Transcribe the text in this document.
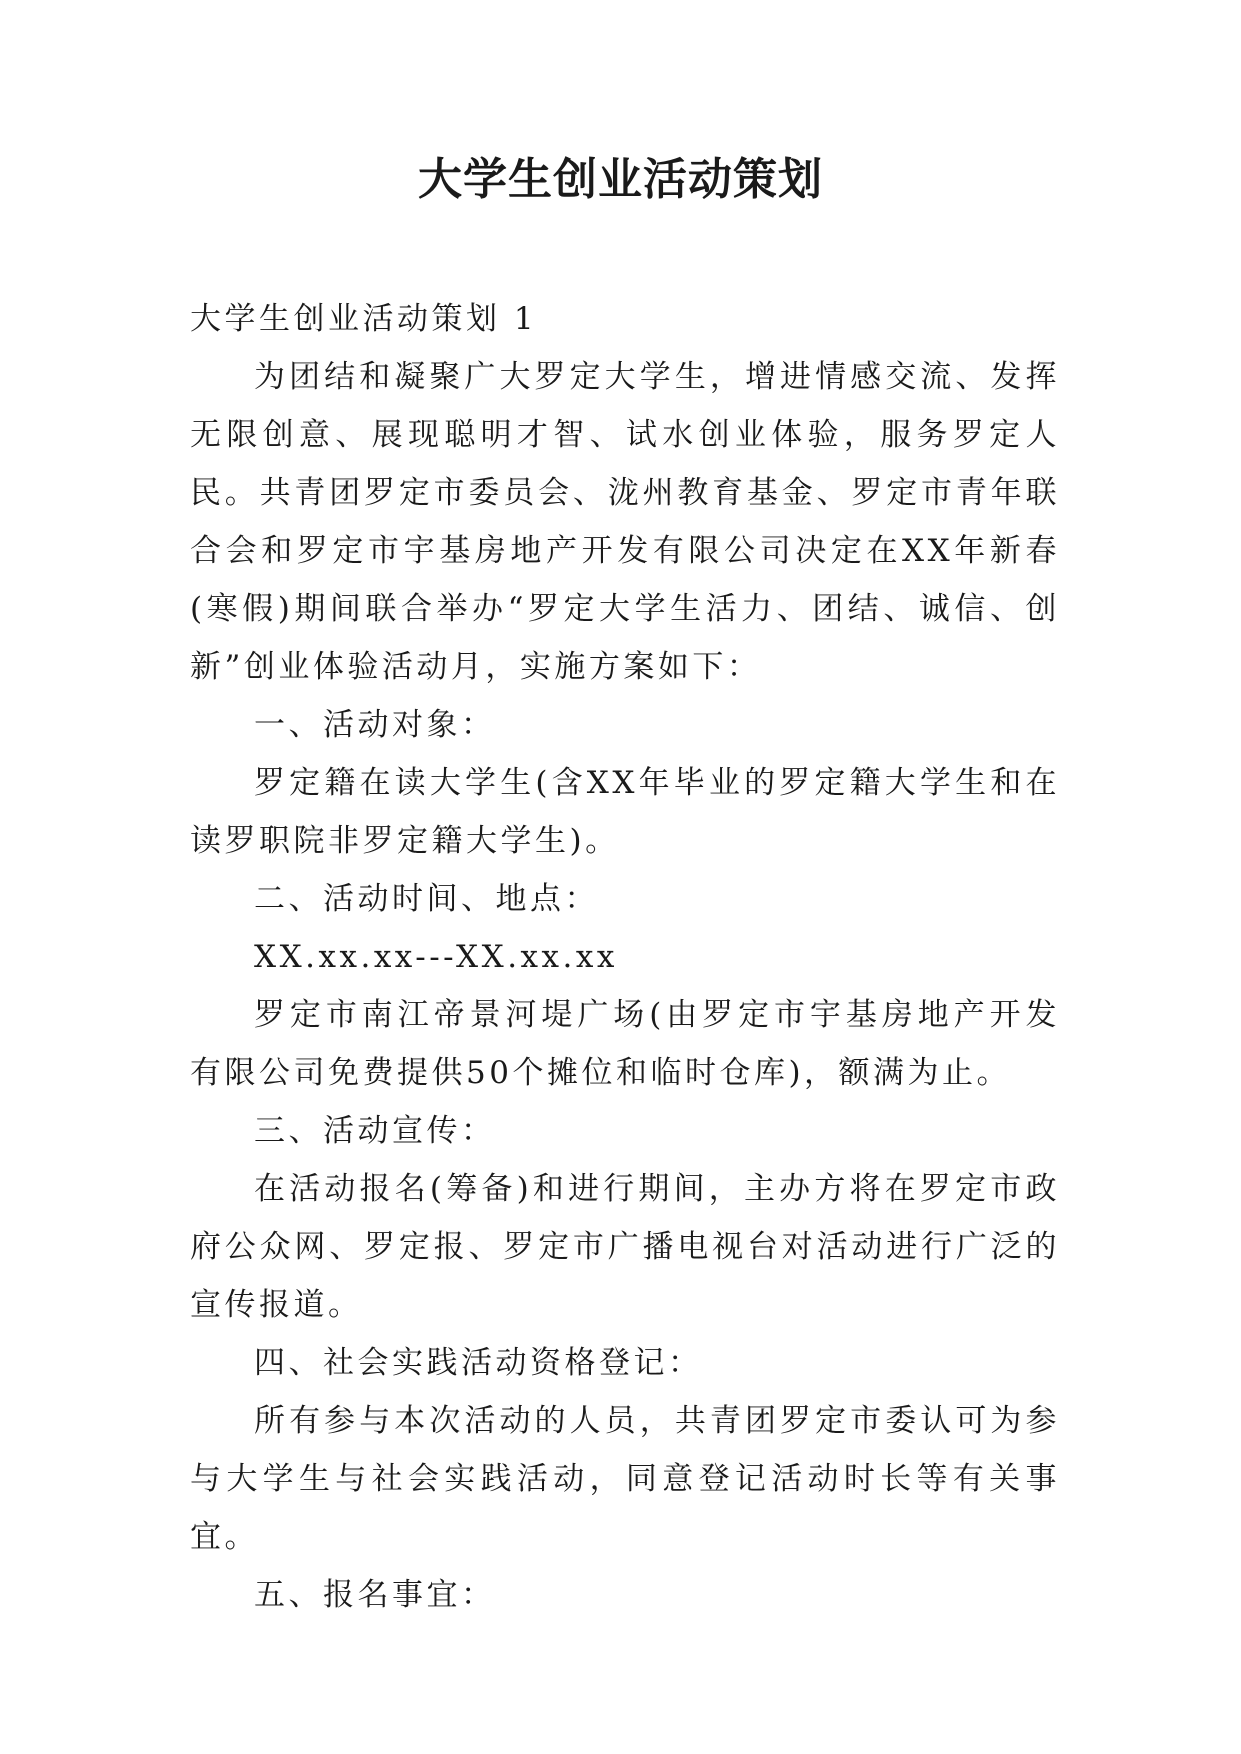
大学生创业活动策划

大学生创业活动策划 1

为团结和凝聚广大罗定大学生，增进情感交流、发挥无限创意、展现聪明才智、试水创业体验，服务罗定人民。共青团罗定市委员会、泷州教育基金、罗定市青年联合会和罗定市宇基房地产开发有限公司决定在XX年新春(寒假)期间联合举办“罗定大学生活力、团结、诚信、创新”创业体验活动月，实施方案如下：

一、活动对象：

罗定籍在读大学生(含XX年毕业的罗定籍大学生和在读罗职院非罗定籍大学生)。

二、活动时间、地点：

XX.xx.xx---XX.xx.xx

罗定市南江帝景河堤广场(由罗定市宇基房地产开发有限公司免费提供50个摊位和临时仓库)，额满为止。

三、活动宣传：

在活动报名(筹备)和进行期间，主办方将在罗定市政府公众网、罗定报、罗定市广播电视台对活动进行广泛的宣传报道。

四、社会实践活动资格登记：

所有参与本次活动的人员，共青团罗定市委认可为参与大学生与社会实践活动，同意登记活动时长等有关事宜。

五、报名事宜：
